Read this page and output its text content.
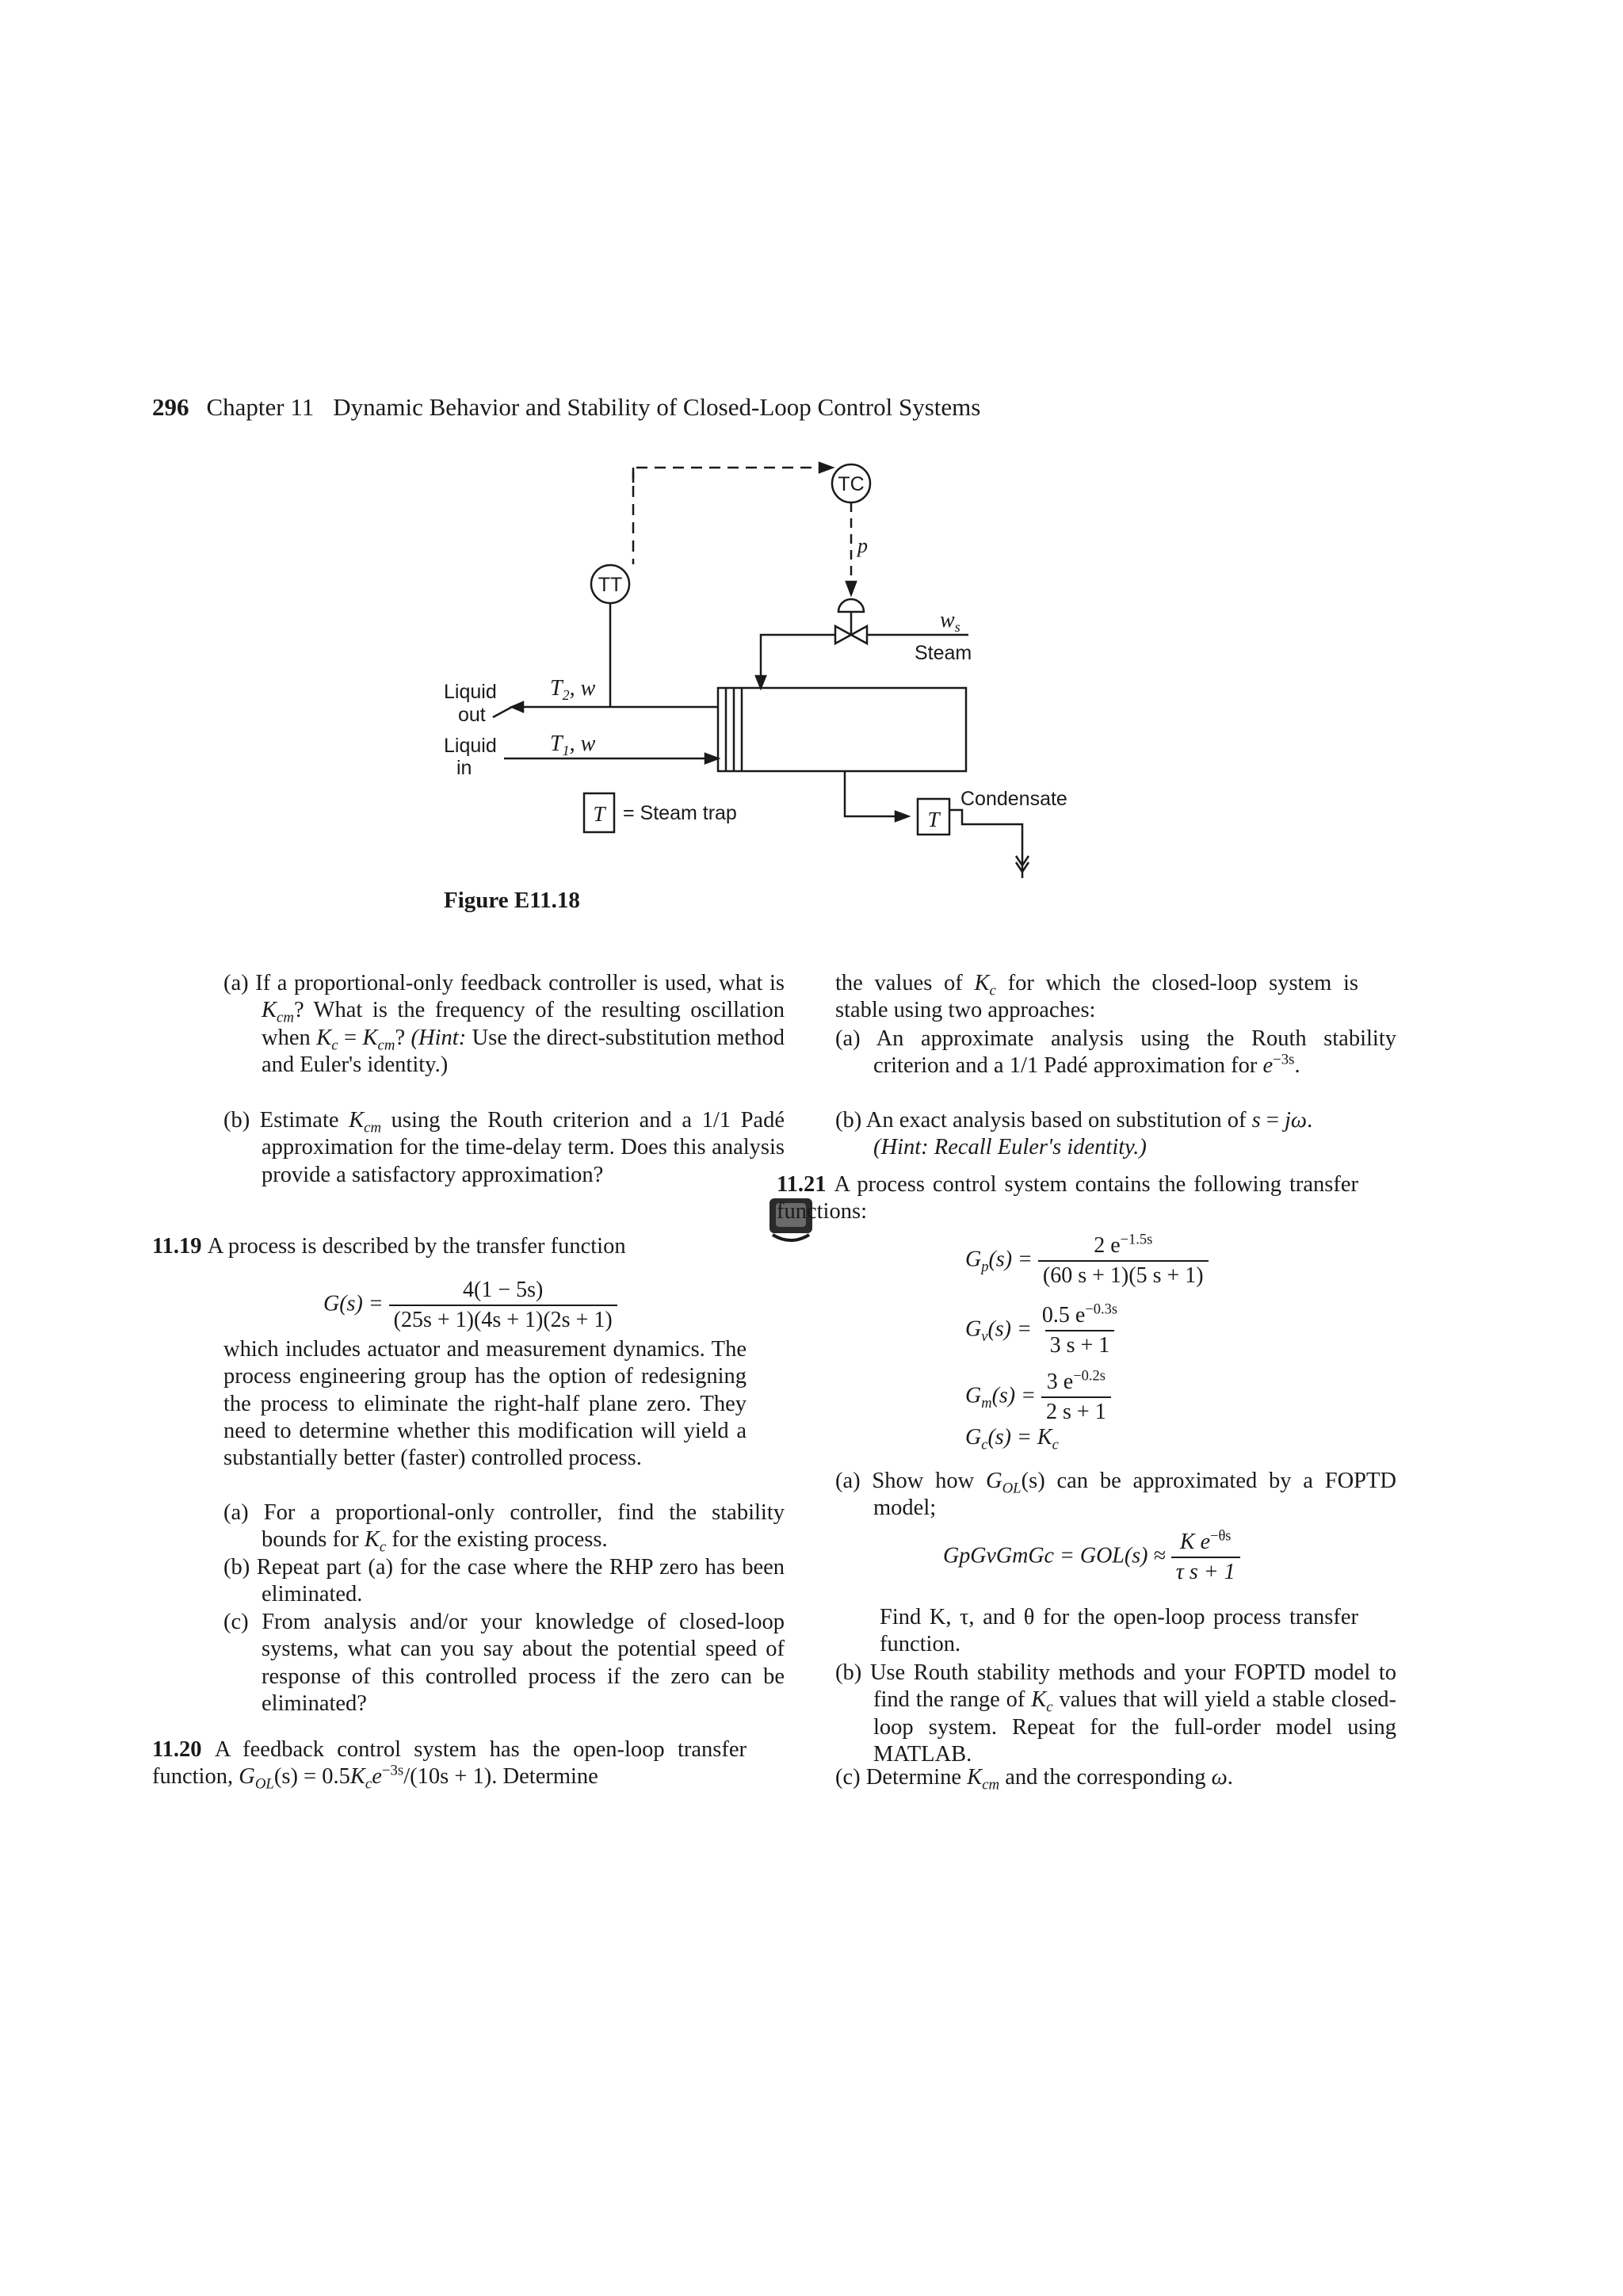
296 Chapter 11 Dynamic Behavior and Stability of Closed-Loop Control Systems
TC
TT
p
$w_s$
Steam
Liquid
out
Liquid
in
$T_2$, w
$T_1$, w
T = Steam trap	T
Condensate
Figure E11.18
(a) If a proportional-only feedback controller is used, what is $K_{cm}$? What is the frequency of the resulting oscillation when $K_c = K_{cm}$? (Hint: Use the direct-substitution method and Euler's identity.)
(b) Estimate $K_{cm}$ using the Routh criterion and a 1/1 Padé approximation for the time-delay term. Does this analysis provide a satisfactory approximation?
11.19 A process is described by the transfer function
$G(s) = \frac{4(1 - 5s)}{(25s + 1)(4s + 1)(2s + 1)}$
which includes actuator and measurement dynamics. The process engineering group has the option of redesigning the process to eliminate the right-half plane zero. They need to determine whether this modification will yield a substantially better (faster) controlled process.
(a) For a proportional-only controller, find the stability bounds for $K_c$ for the existing process.
(b) Repeat part (a) for the case where the RHP zero has been eliminated.
(c) From analysis and/or your knowledge of closed-loop systems, what can you say about the potential speed of response of this controlled process if the zero can be eliminated?
11.20 A feedback control system has the open-loop transfer function, $G_{OL}(s) = 0.5K_ce^{-3s}/(10s + 1)$. Determine
the values of $K_c$ for which the closed-loop system is stable using two approaches:
(a) An approximate analysis using the Routh stability criterion and a 1/1 Padé approximation for $e^{-3s}$.
(b) An exact analysis based on substitution of s = jω.
(Hint: Recall Euler's identity.)
11.21 A process control system contains the following transfer functions:
$G_p(s) = \frac{2 e^{-1.5s}}{(60 s + 1)(5 s + 1)}$
$G_v(s) = \frac{0.5 e^{-0.3s}}{3 s + 1}$
$G_m(s) = \frac{3 e^{-0.2s}}{2 s + 1}$
$G_c(s) = K_c$
(a) Show how $G_{OL}(s)$ can be approximated by a FOPTD model;
GpGvGmGc = $GOL(s) \approx \frac{K e^{-\theta s}}{\text{τ s + 1}}$
Find K, τ, and θ for the open-loop process transfer function.
(b) Use Routh stability methods and your FOPTD model to find the range of $K_c$ values that will yield a stable closed-loop system. Repeat for the full-order model using MATLAB.
(c) Determine $K_{cm}$ and the corresponding ω.
